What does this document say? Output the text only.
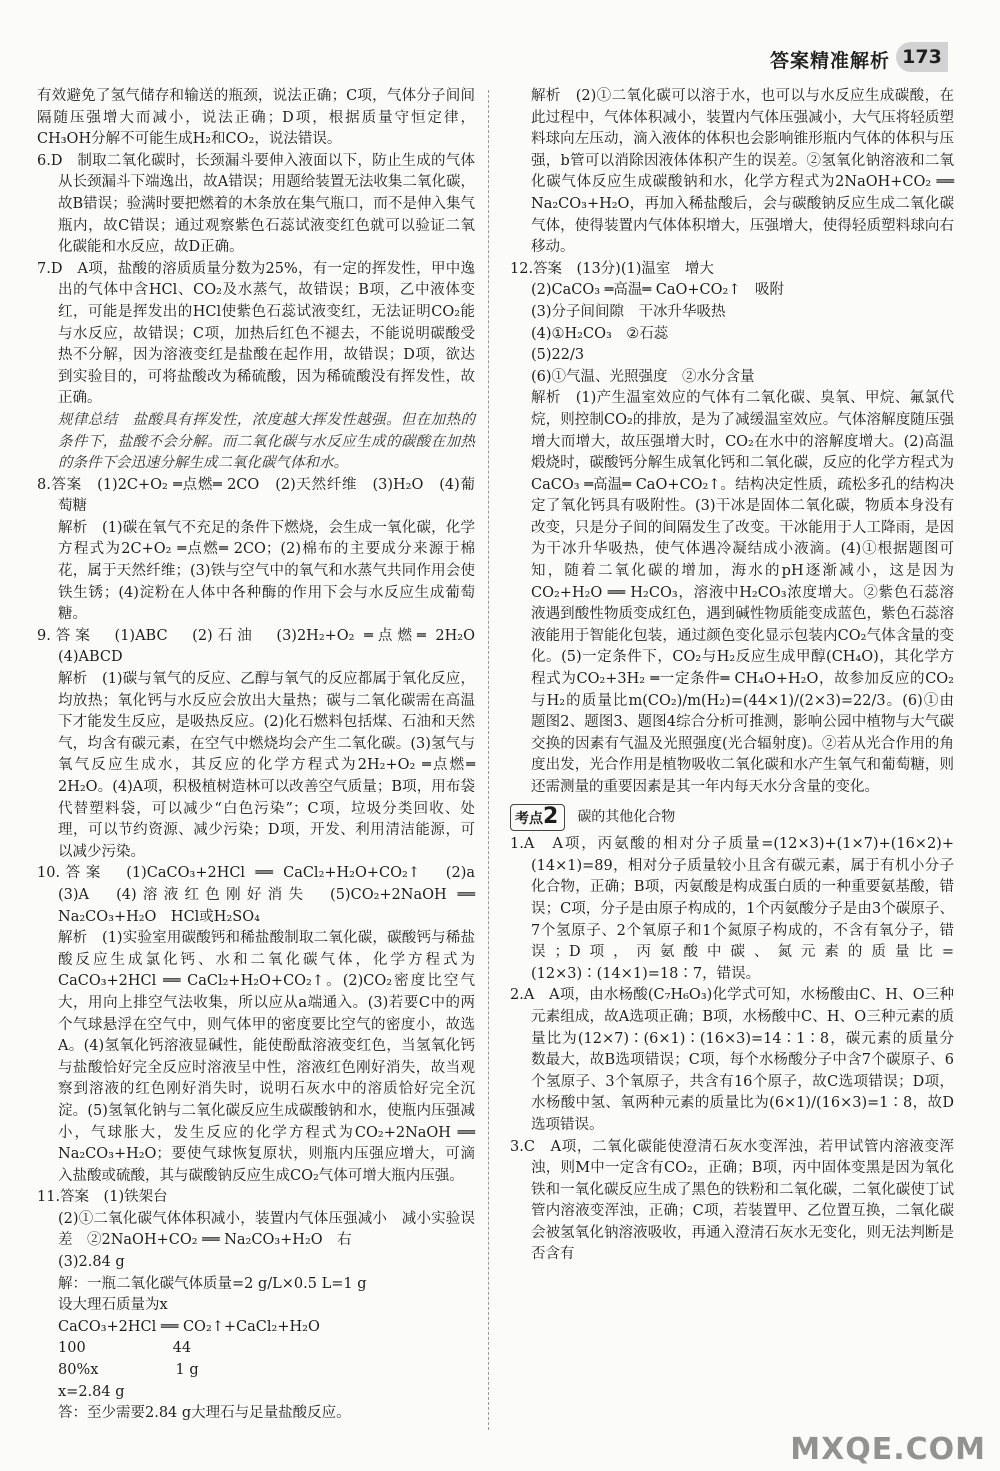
答案精准解析 173

有效避免了氢气储存和输送的瓶颈，说法正确；C项，气体分子间间隔随压强增大而减小，说法正确；D项，根据质量守恒定律，CH₃OH分解不可能生成H₂和CO₂，说法错误。

6.D　制取二氧化碳时，长颈漏斗要伸入液面以下，防止生成的气体从长颈漏斗下端逸出，故A错误；用题给装置无法收集二氧化碳，故B错误；验满时要把燃着的木条放在集气瓶口，而不是伸入集气瓶内，故C错误；通过观察紫色石蕊试液变红色就可以验证二氧化碳能和水反应，故D正确。

7.D　A项，盐酸的溶质质量分数为25%，有一定的挥发性，甲中逸出的气体中含HCl、CO₂及水蒸气，故错误；B项，乙中液体变红，可能是挥发出的HCl使紫色石蕊试液变红，无法证明CO₂能与水反应，故错误；C项，加热后红色不褪去，不能说明碳酸受热不分解，因为溶液变红是盐酸在起作用，故错误；D项，欲达到实验目的，可将盐酸改为稀硫酸，因为稀硫酸没有挥发性，故正确。

规律总结　盐酸具有挥发性，浓度越大挥发性越强。但在加热的条件下，盐酸不会分解。而二氧化碳与水反应生成的碳酸在加热的条件下会迅速分解生成二氧化碳气体和水。

8.答案　(1)2C+O₂ ═点燃═ 2CO　(2)天然纤维　(3)H₂O　(4)葡萄糖

解析　(1)碳在氧气不充足的条件下燃烧，会生成一氧化碳，化学方程式为2C+O₂ ═点燃═ 2CO；(2)棉布的主要成分来源于棉花，属于天然纤维；(3)铁与空气中的氧气和水蒸气共同作用会使铁生锈；(4)淀粉在人体中各种酶的作用下会与水反应生成葡萄糖。

9.答案　(1)ABC　(2)石油　(3)2H₂+O₂ ═点燃═ 2H₂O　(4)ABCD

解析　(1)碳与氧气的反应、乙醇与氧气的反应都属于氧化反应，均放热；氧化钙与水反应会放出大量热；碳与二氧化碳需在高温下才能发生反应，是吸热反应。(2)化石燃料包括煤、石油和天然气，均含有碳元素，在空气中燃烧均会产生二氧化碳。(3)氢气与氧气反应生成水，其反应的化学方程式为2H₂+O₂ ═点燃═ 2H₂O。(4)A项，积极植树造林可以改善空气质量；B项，用布袋代替塑料袋，可以减少“白色污染”；C项，垃圾分类回收、处理，可以节约资源、减少污染；D项，开发、利用清洁能源，可以减少污染。

10.答案　(1)CaCO₃+2HCl ══ CaCl₂+H₂O+CO₂↑　(2)a　(3)A　(4)溶液红色刚好消失　(5)CO₂+2NaOH ══ Na₂CO₃+H₂O　HCl或H₂SO₄

解析　(1)实验室用碳酸钙和稀盐酸制取二氧化碳，碳酸钙与稀盐酸反应生成氯化钙、水和二氧化碳气体，化学方程式为CaCO₃+2HCl ══ CaCl₂+H₂O+CO₂↑。(2)CO₂密度比空气大，用向上排空气法收集，所以应从a端通入。(3)若要C中的两个气球悬浮在空气中，则气体甲的密度要比空气的密度小，故选A。(4)氢氧化钙溶液显碱性，能使酚酞溶液变红色，当氢氧化钙与盐酸恰好完全反应时溶液呈中性，溶液红色刚好消失，故当观察到溶液的红色刚好消失时，说明石灰水中的溶质恰好完全沉淀。(5)氢氧化钠与二氧化碳反应生成碳酸钠和水，使瓶内压强减小，气球胀大，发生反应的化学方程式为CO₂+2NaOH ══ Na₂CO₃+H₂O；要使气球恢复原状，则瓶内压强应增大，可滴入盐酸或硫酸，其与碳酸钠反应生成CO₂气体可增大瓶内压强。

11.答案　(1)铁架台

(2)①二氧化碳气体体积减小，装置内气体压强减小　减小实验误差　②2NaOH+CO₂ ══ Na₂CO₃+H₂O　右

(3)2.84 g

解：一瓶二氧化碳气体质量=2 g/L×0.5 L=1 g

设大理石质量为x

CaCO₃+2HCl ══ CO₂↑+CaCl₂+H₂O

100　　　　　　44

80%x　　　　　 1 g

x=2.84 g

答：至少需要2.84 g大理石与足量盐酸反应。

解析　(2)①二氧化碳可以溶于水，也可以与水反应生成碳酸，在此过程中，气体体积减小，装置内气体压强减小，大气压将轻质塑料球向左压动，滴入液体的体积也会影响锥形瓶内气体的体积与压强，b管可以消除因液体体积产生的误差。②氢氧化钠溶液和二氧化碳气体反应生成碳酸钠和水，化学方程式为2NaOH+CO₂ ══ Na₂CO₃+H₂O，再加入稀盐酸后，会与碳酸钠反应生成二氧化碳气体，使得装置内气体体积增大，压强增大，使得轻质塑料球向右移动。

12.答案　(13分)(1)温室　增大

(2)CaCO₃ ═高温═ CaO+CO₂↑　吸附

(3)分子间间隙　干冰升华吸热

(4)①H₂CO₃　②石蕊

(5)22/3

(6)①气温、光照强度　②水分含量

解析　(1)产生温室效应的气体有二氧化碳、臭氧、甲烷、氟氯代烷，则控制CO₂的排放，是为了减缓温室效应。气体溶解度随压强增大而增大，故压强增大时，CO₂在水中的溶解度增大。(2)高温煅烧时，碳酸钙分解生成氧化钙和二氧化碳，反应的化学方程式为CaCO₃ ═高温═ CaO+CO₂↑。结构决定性质，疏松多孔的结构决定了氧化钙具有吸附性。(3)干冰是固体二氧化碳，物质本身没有改变，只是分子间的间隔发生了改变。干冰能用于人工降雨，是因为干冰升华吸热，使气体遇冷凝结成小液滴。(4)①根据题图可知，随着二氧化碳的增加，海水的pH逐渐减小，这是因为CO₂+H₂O ══ H₂CO₃，溶液中H₂CO₃浓度增大。②紫色石蕊溶液遇到酸性物质变成红色，遇到碱性物质能变成蓝色，紫色石蕊溶液能用于智能化包装，通过颜色变化显示包装内CO₂气体含量的变化。(5)一定条件下，CO₂与H₂反应生成甲醇(CH₄O)，其化学方程式为CO₂+3H₂ ═一定条件═ CH₄O+H₂O，故参加反应的CO₂与H₂的质量比m(CO₂)/m(H₂)=(44×1)/(2×3)=22/3。(6)①由题图2、题图3、题图4综合分析可推测，影响公园中植物与大气碳交换的因素有气温及光照强度(光合辐射度)。②若从光合作用的角度出发，光合作用是植物吸收二氧化碳和水产生氧气和葡萄糖，则还需测量的重要因素是其一年内每天水分含量的变化。

考点2	碳的其他化合物

1.A　A项，丙氨酸的相对分子质量=(12×3)+(1×7)+(16×2)+(14×1)=89，相对分子质量较小且含有碳元素，属于有机小分子化合物，正确；B项，丙氨酸是构成蛋白质的一种重要氨基酸，错误；C项，分子是由原子构成的，1个丙氨酸分子是由3个碳原子、7个氢原子、2个氧原子和1个氮原子构成的，不含有氧分子，错误；D项，丙氨酸中碳、氮元素的质量比=(12×3)∶(14×1)=18∶7，错误。

2.A　A项，由水杨酸(C₇H₆O₃)化学式可知，水杨酸由C、H、O三种元素组成，故A选项正确；B项，水杨酸中C、H、O三种元素的质量比为(12×7)∶(6×1)∶(16×3)=14∶1∶8，碳元素的质量分数最大，故B选项错误；C项，每个水杨酸分子中含7个碳原子、6个氢原子、3个氧原子，共含有16个原子，故C选项错误；D项，水杨酸中氢、氧两种元素的质量比为(6×1)/(16×3)=1∶8，故D选项错误。

3.C　A项，二氧化碳能使澄清石灰水变浑浊，若甲试管内溶液变浑浊，则M中一定含有CO₂，正确；B项，丙中固体变黑是因为氧化铁和一氧化碳反应生成了黑色的铁粉和二氧化碳，二氧化碳使丁试管内溶液变浑浊，正确；C项，若装置甲、乙位置互换，二氧化碳会被氢氧化钠溶液吸收，再通入澄清石灰水无变化，则无法判断是否含有

MXQE.COM
